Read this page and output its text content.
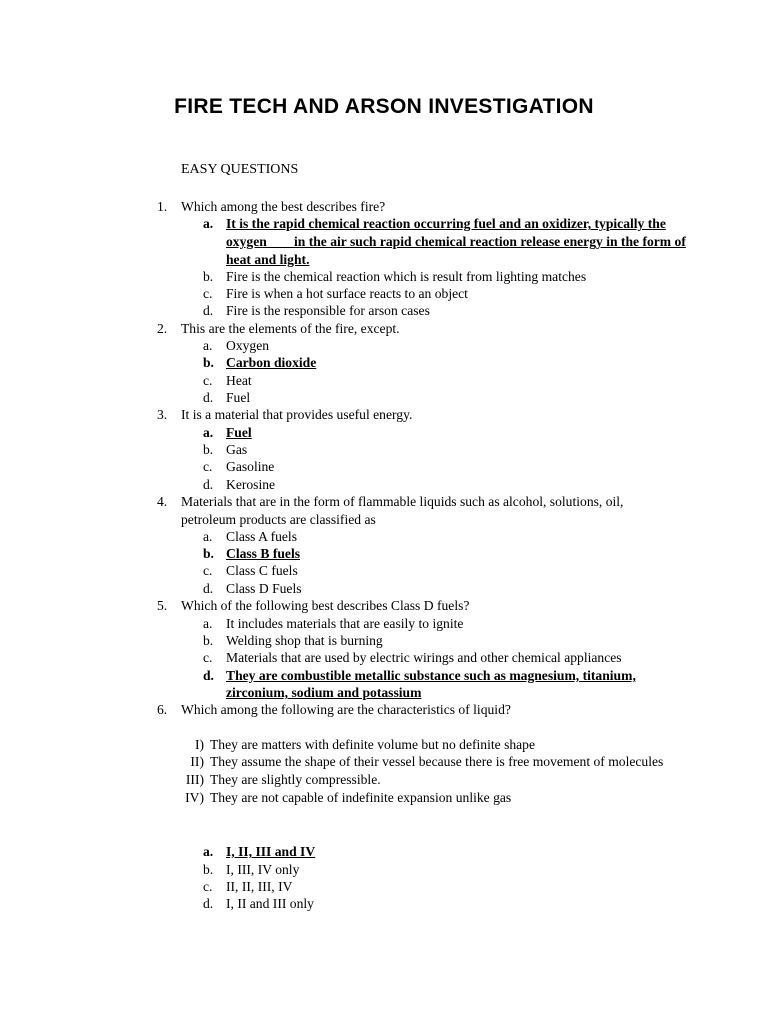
FIRE TECH AND ARSON INVESTIGATION

EASY QUESTIONS

1.	Which among the best describes fire?
a. It is the rapid chemical reaction occurring fuel and an oxidizer, typically the
oxygen        in the air such rapid chemical reaction release energy in the form of
heat and light.
b. Fire is the chemical reaction which is result from lighting matches
c. Fire is when a hot surface reacts to an object
d. Fire is the responsible for arson cases
2.	This are the elements of the fire, except.
a. Oxygen
b. Carbon dioxide
c. Heat
d. Fuel
3.	It is a material that provides useful energy.
a. Fuel
b. Gas
c. Gasoline
d. Kerosine
4.	Materials that are in the form of flammable liquids such as alcohol, solutions, oil,
petroleum products are classified as
a. Class A fuels
b. Class B fuels
c. Class C fuels
d. Class D Fuels
5.	Which of the following best describes Class D fuels?
a. It includes materials that are easily to ignite
b. Welding shop that is burning
c. Materials that are used by electric wirings and other chemical appliances
d. They are combustible metallic substance such as magnesium, titanium,
zirconium, sodium and potassium
6.	Which among the following are the characteristics of liquid?
I) They are matters with definite volume but no definite shape
II) They assume the shape of their vessel because there is free movement of molecules
III) They are slightly compressible.
IV) They are not capable of indefinite expansion unlike gas
a. I, II, III and IV
b. I, III, IV only
c. II, II, III, IV
d. I, II and III only
